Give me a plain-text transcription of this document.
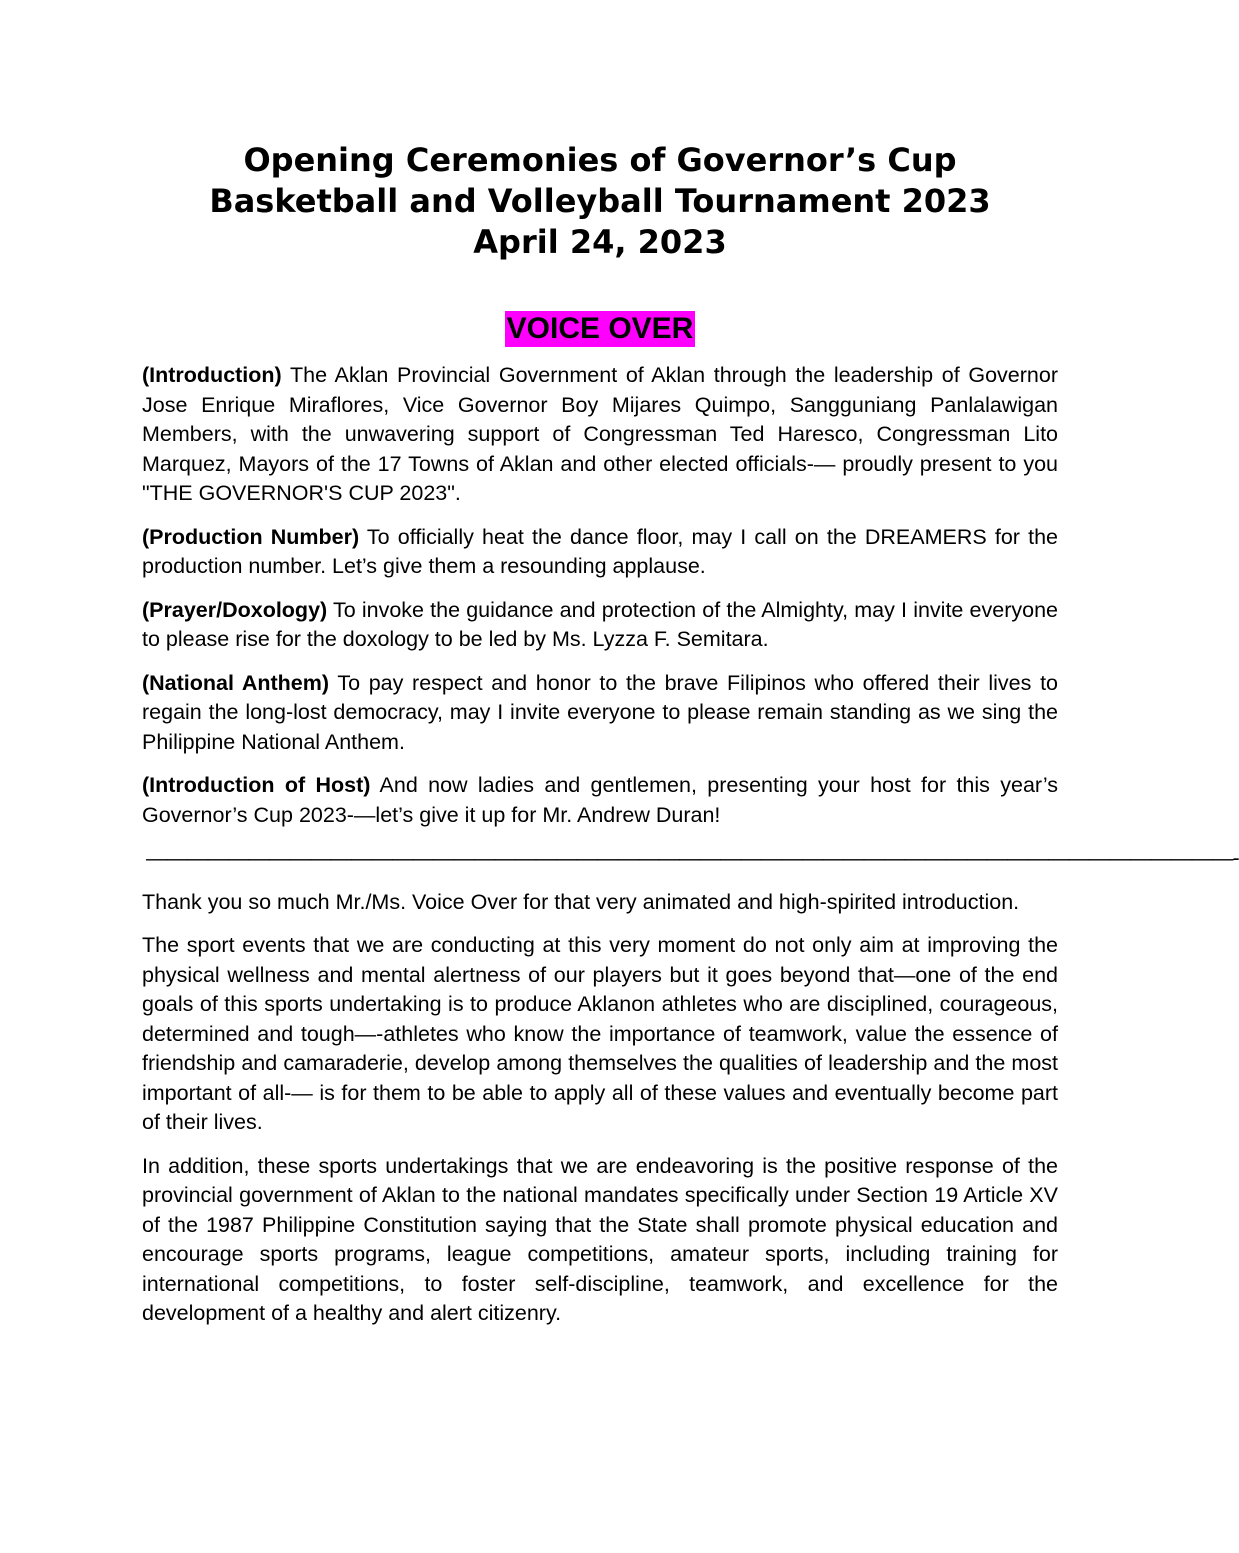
Opening Ceremonies of Governor’s Cup
Basketball and Volleyball Tournament 2023
April 24, 2023
VOICE OVER

(Introduction) The Aklan Provincial Government of Aklan through the leadership of Governor Jose Enrique Miraflores, Vice Governor Boy Mijares Quimpo, Sangguniang Panlalawigan Members, with the unwavering support of Congressman Ted Haresco, Congressman Lito Marquez, Mayors of the 17 Towns of Aklan and other elected officials-— proudly present to you "THE GOVERNOR'S CUP 2023".

(Production Number) To officially heat the dance floor, may I call on the DREAMERS for the production number. Let’s give them a resounding applause.

(Prayer/Doxology) To invoke the guidance and protection of the Almighty, may I invite everyone to please rise for the doxology to be led by Ms. Lyzza F. Semitara.

(National Anthem) To pay respect and honor to the brave Filipinos who offered their lives to regain the long-lost democracy, may I invite everyone to please remain standing as we sing the Philippine National Anthem.

(Introduction of Host) And now ladies and gentlemen, presenting your host for this year’s Governor’s Cup 2023-—let’s give it up for Mr. Andrew Duran!

—————————————————————————————————————————————————————-

Thank you so much Mr./Ms. Voice Over for that very animated and high-spirited introduction.

The sport events that we are conducting at this very moment do not only aim at improving the physical wellness and mental alertness of our players but it goes beyond that—one of the end goals of this sports undertaking is to produce Aklanon athletes who are disciplined, courageous, determined and tough—-athletes who know the importance of teamwork, value the essence of friendship and camaraderie, develop among themselves the qualities of leadership and the most important of all-— is for them to be able to apply all of these values and eventually become part of their lives.

In addition, these sports undertakings that we are endeavoring is the positive response of the provincial government of Aklan to the national mandates specifically under Section 19 Article XV of the 1987 Philippine Constitution saying that the State shall promote physical education and encourage sports programs, league competitions, amateur sports, including training for international competitions, to foster self-discipline, teamwork, and excellence for the development of a healthy and alert citizenry.
